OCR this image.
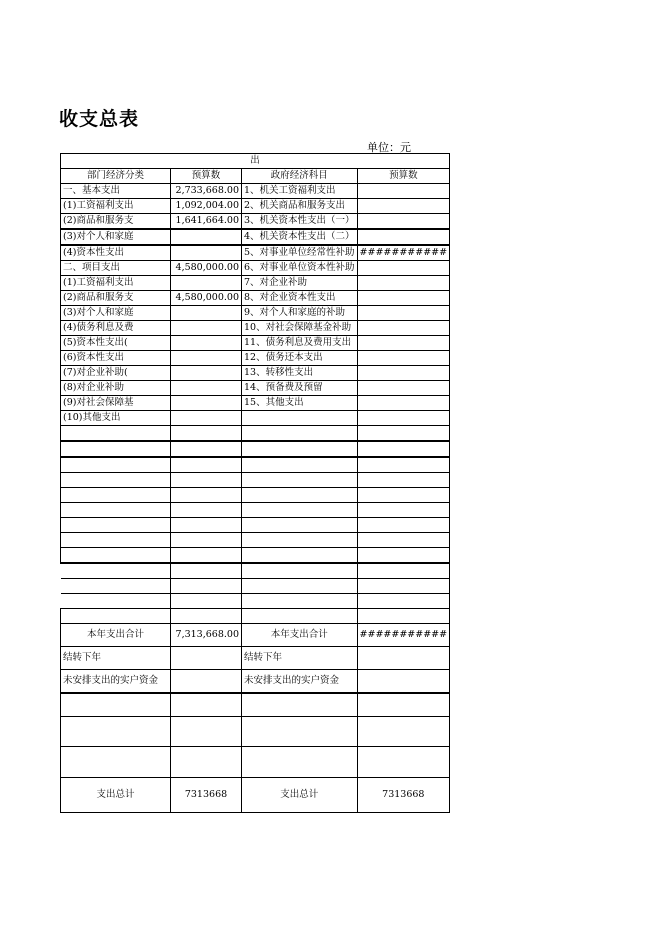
收支总表
单位：元
出			
部门经济分类	预算数	政府经济科目	预算数
一、基本支出	2,733,668.00	1、机关工资福利支出	
(1)工资福利支出	1,092,004.00	2、机关商品和服务支出	
(2)商品和服务支	1,641,664.00	3、机关资本性支出（一）	
(3)对个人和家庭		4、机关资本性支出（二）	
(4)资本性支出		5、对事业单位经常性补助	###########
二、项目支出	4,580,000.00	6、对事业单位资本性补助	
(1)工资福利支出		7、对企业补助	
(2)商品和服务支	4,580,000.00	8、对企业资本性支出	
(3)对个人和家庭		9、对个人和家庭的补助	
(4)债务利息及费		10、对社会保障基金补助	
(5)资本性支出(		11、债务利息及费用支出	
(6)资本性支出		12、债务还本支出	
(7)对企业补助(		13、转移性支出	
(8)对企业补助		14、预备费及预留	
(9)对社会保障基		15、其他支出	
(10)其他支出			

本年支出合计	7,313,668.00	本年支出合计	###########
结转下年		结转下年	
未安排支出的实户资金		未安排支出的实户资金	

支出总计	7313668	支出总计	7313668
